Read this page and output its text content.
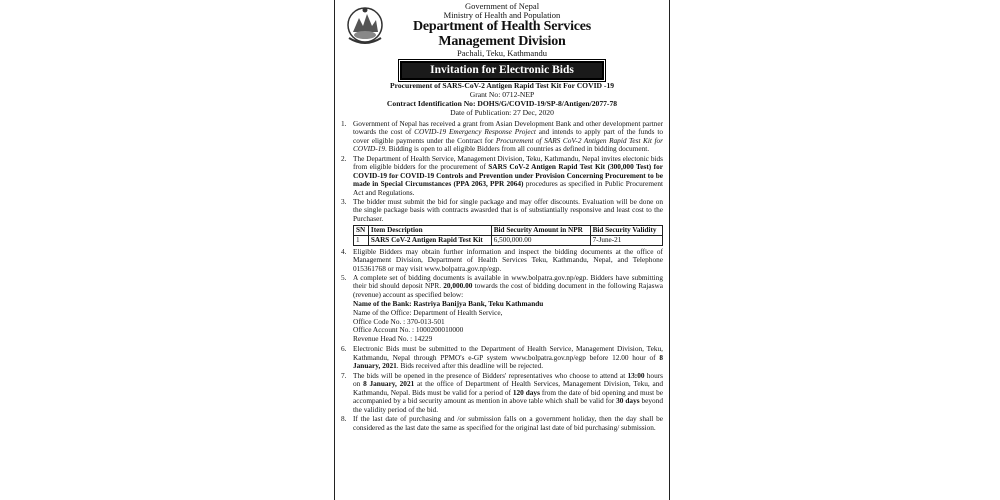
Government of Nepal
Ministry of Health and Population
Department of Health Services
Management Division
Pachali, Teku, Kathmandu
Invitation for Electronic Bids
Procurement of SARS-CoV-2 Antigen Rapid Test Kit For COVID -19
Grant No: 0712-NEP
Contract Identification No: DOHS/G/COVID-19/SP-8/Antigen/2077-78
Date of Publication: 27 Dec, 2020
1. Government of Nepal has received a grant from Asian Development Bank and other development partner towards the cost of COVID-19 Emergency Response Project and intends to apply part of the funds to cover eligible payments under the Contract for Procurement of SARS CoV-2 Antigen Rapid Test Kit for COVID-19. Bidding is open to all eligible Bidders from all countries as defined in bidding document.
2. The Department of Health Service, Management Division, Teku, Kathmandu, Nepal invites electonic bids from eligible bidders for the procurement of SARS CoV-2 Antigen Rapid Test Kit (300,000 Test) for COVID-19 for COVID-19 Controls and Prevention under Provision Concerning Procurement to be made in Special Circumstances (PPA 2063, PPR 2064) procedures as specified in Public Procurement Act and Regulations.
3. The bidder must submit the bid for single package and may offer discounts. Evaluation will be done on the single package basis with contracts awasrded that is of substiantially responsive and least cost to the Purchaser.
SN	Item Description	Bid Security Amount in NPR	Bid Security Validity
1	SARS CoV-2 Antigen Rapid Test Kit	6,500,000.00	7-June-21
4. Eligible Bidders may obtain further information and inspect the bidding documents at the office of Management Division, Department of Health Services Teku, Kathmandu, Nepal, and Telephone 015361768 or may visit www.bolpatra.gov.np/egp.
5. A complete set of bidding documents is available in www.bolpatra.gov.np/egp. Bidders have submitting their bid should deposit NPR. 20,000.00 towards the cost of bidding document in the following Rajaswa (revenue) account as specified below:
Name of the Bank: Rastriya Banijya Bank, Teku Kathmandu
Name of the Office: Department of Health Service,
Office Code No. : 370-013-501
Office Account No. : 1000200010000
Revenue Head No. : 14229
6. Electronic Bids must be submitted to the Department of Health Service, Management Division, Teku, Kathmandu, Nepal through PPMO's e-GP system www.bolpatra.gov.np/egp before 12.00 hour of 8 January, 2021. Bids received after this deadline will be rejected.
7. The bids will be opened in the presence of Bidders' representatives who choose to attend at 13:00 hours on 8 January, 2021 at the office of Department of Health Services, Management Division, Teku, and Kathmandu, Nepal. Bids must be valid for a period of 120 days from the date of bid opening and must be accompanied by a bid security amount as mention in above table which shall be valid for 30 days beyond the validity period of the bid.
8. If the last date of purchasing and /or submission falls on a government holiday, then the day shall be considered as the last date the same as specified for the original last date of bid purchasing/ submission.
